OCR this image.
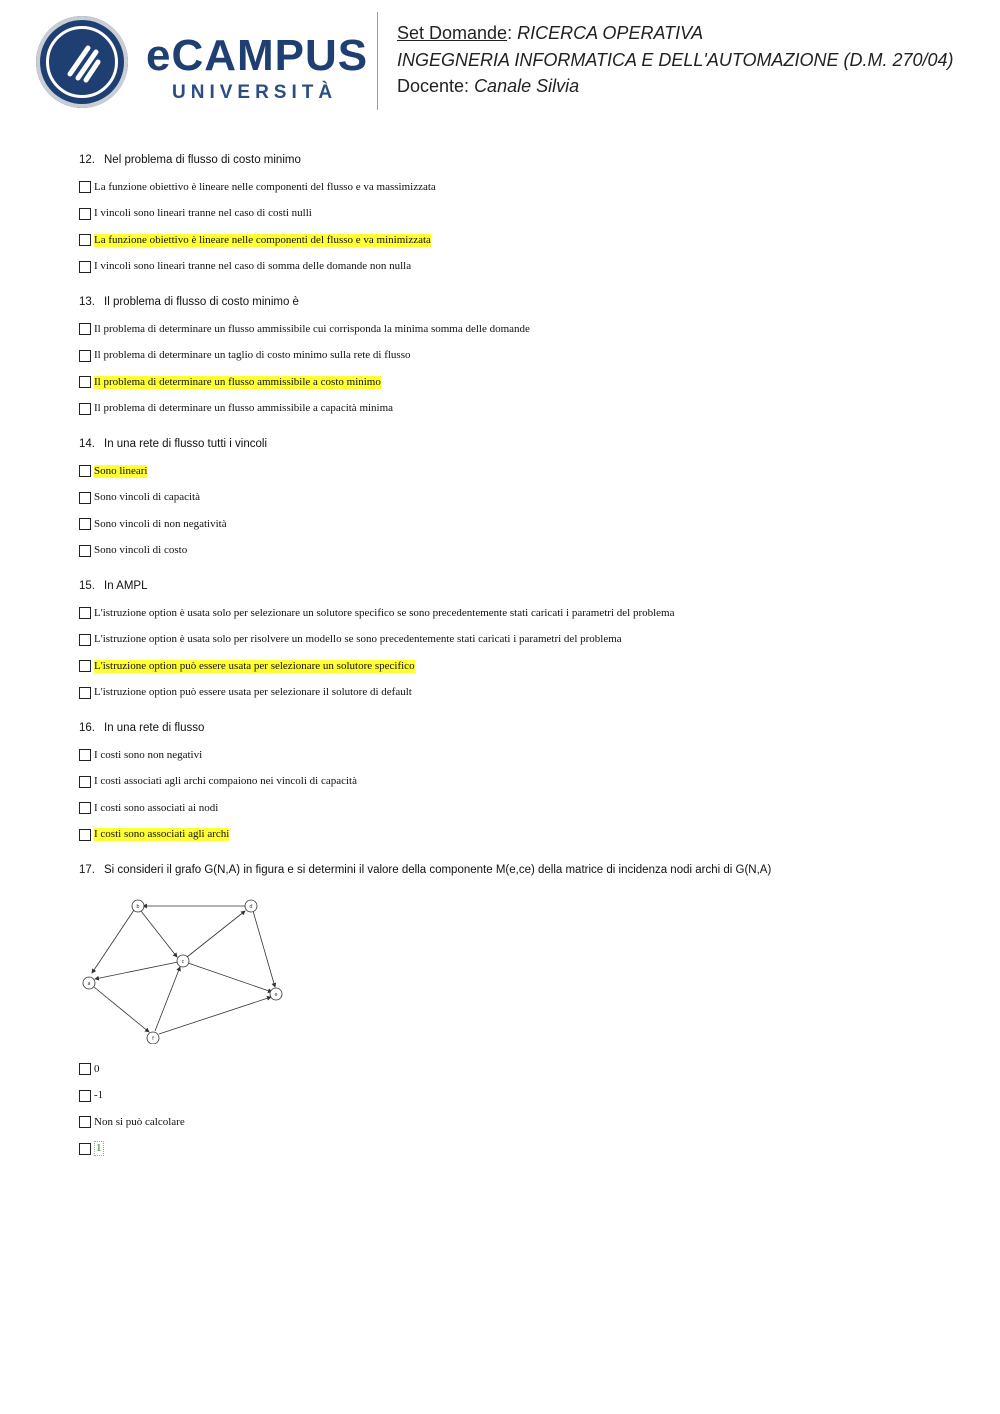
eCAMPUS
UNIVERSITÀ
Set Domande: RICERCA OPERATIVA
INGEGNERIA INFORMATICA E DELL'AUTOMAZIONE (D.M. 270/04)
Docente: Canale Silvia
12. Nel problema di flusso di costo minimo
La funzione obiettivo è lineare nelle componenti del flusso e va massimizzata
I vincoli sono lineari tranne nel caso di costi nulli
La funzione obiettivo è lineare nelle componenti del flusso e va minimizzata
I vincoli sono lineari tranne nel caso di somma delle domande non nulla
13. Il problema di flusso di costo minimo è
Il problema di determinare un flusso ammissibile cui corrisponda la minima somma delle domande
Il problema di determinare un taglio di costo minimo sulla rete di flusso
Il problema di determinare un flusso ammissibile a costo minimo
Il problema di determinare un flusso ammissibile a capacità minima
14. In una rete di flusso tutti i vincoli
Sono lineari
Sono vincoli di capacità
Sono vincoli di non negatività
Sono vincoli di costo
15. In AMPL
L'istruzione option è usata solo per selezionare un solutore specifico se sono precedentemente stati caricati i parametri del problema
L'istruzione option è usata solo per risolvere un modello se sono precedentemente stati caricati i parametri del problema
L'istruzione option può essere usata per selezionare un solutore specifico
L'istruzione option può essere usata per selezionare il solutore di default
16. In una rete di flusso
I costi sono non negativi
I costi associati agli archi compaiono nei vincoli di capacità
I costi sono associati ai nodi
I costi sono associati agli archi
17. Si consideri il grafo G(N,A) in figura e si determini il valore della componente M(e,ce) della matrice di incidenza nodi archi di G(N,A)
a
b
c
d
e
f
0
-1
Non si può calcolare
1
